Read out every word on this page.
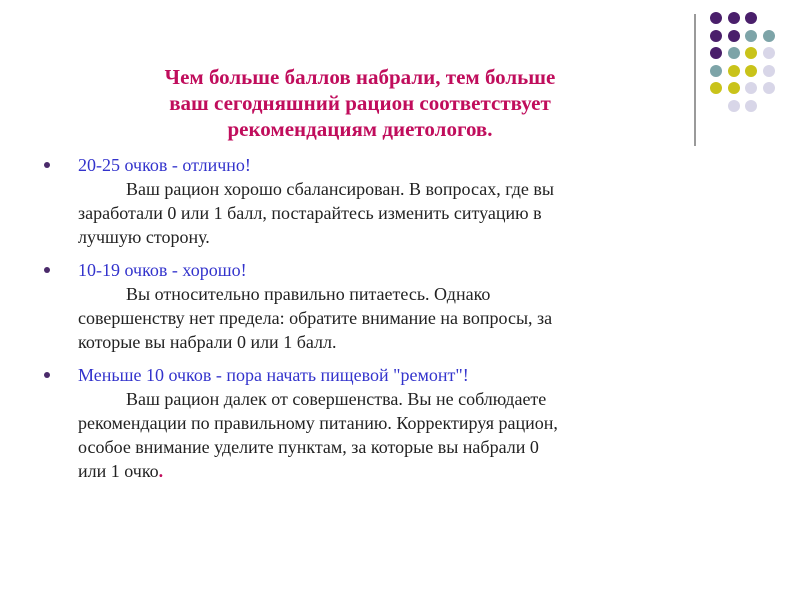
Чем больше баллов набрали, тем больше
ваш сегодняшний рацион соответствует
рекомендациям диетологов.
20-25 очков - отлично!
Ваш рацион хорошо сбалансирован. В вопросах, где вы
заработали 0 или 1 балл, постарайтесь изменить ситуацию в
лучшую сторону.
10-19 очков - хорошо!
Вы относительно правильно питаетесь. Однако
совершенству нет предела: обратите внимание на вопросы, за
которые вы набрали 0 или 1 балл.
Меньше 10 очков - пора начать пищевой "ремонт"!
Ваш рацион далек от совершенства. Вы не соблюдаете
рекомендации по правильному питанию. Корректируя рацион,
особое внимание уделите пунктам, за которые вы набрали 0
или 1 очко.
